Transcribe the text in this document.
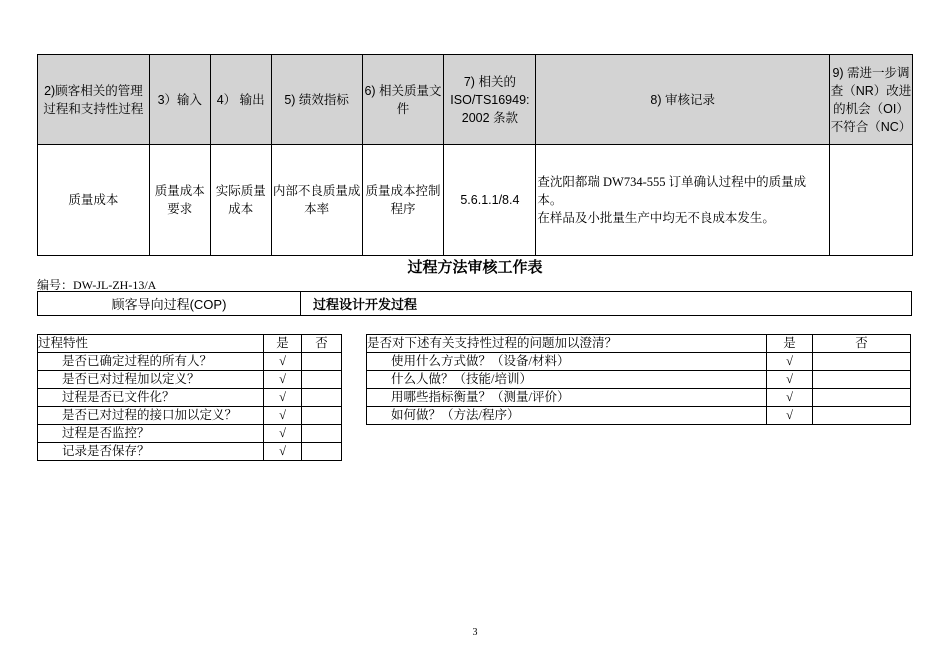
2)顾客相关的管理过程和支持性过程	3）输入	4） 输出	5) 绩效指标	6) 相关质量文件	7) 相关的 ISO/TS16949: 2002 条款	8) 审核记录	9) 需进一步调查（NR）改进的机会（OI）不符合（NC）
质量成本	质量成本要求	实际质量成本	内部不良质量成本率	质量成本控制程序	5.6.1.1/8.4	查沈阳都瑞 DW734-555 订单确认过程中的质量成本。
在样品及小批量生产中均无不良成本发生。	

过程方法审核工作表
编号：DW-JL-ZH-13/A
顾客导向过程(COP)	过程设计开发过程
过程特性	是	否
是否已确定过程的所有人？	√	
是否已对过程加以定义？	√	
过程是否已文件化？	√	
是否已对过程的接口加以定义？	√	
过程是否监控？	√	
记录是否保存？	√	
是否对下述有关支持性过程的问题加以澄清？	是	否
使用什么方式做？（设备/材料）	√	
什么人做？（技能/培训）	√	
用哪些指标衡量？（测量/评价）	√	
如何做？（方法/程序）	√	
3
